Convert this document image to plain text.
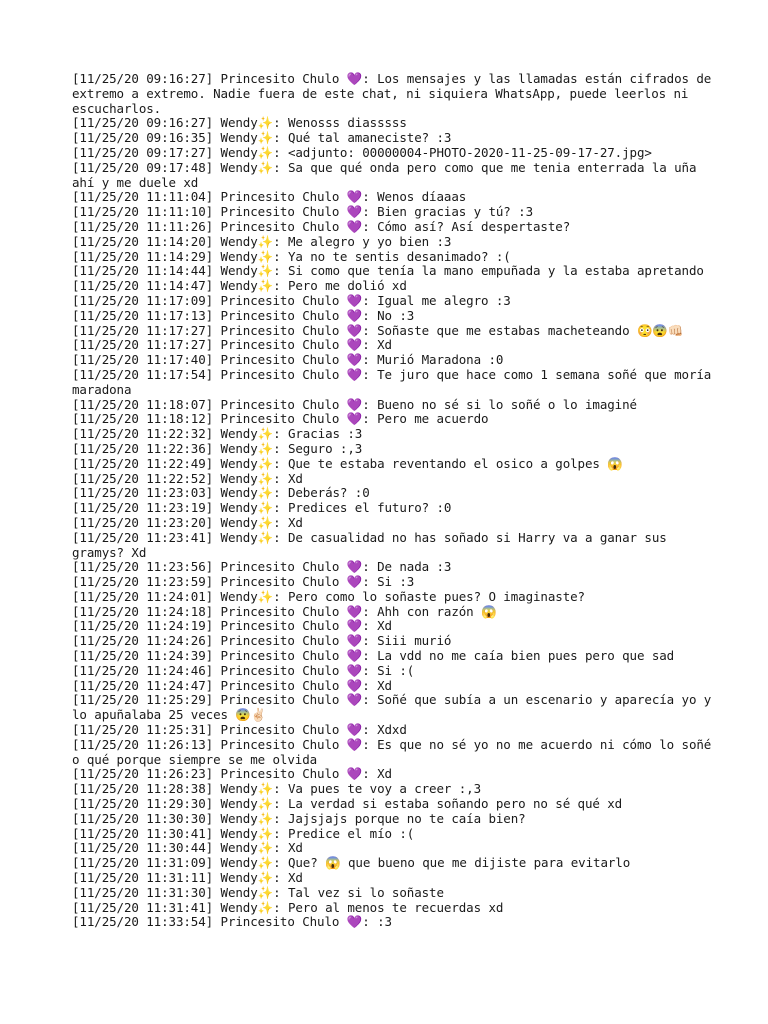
[11/25/20 09:16:27] Princesito Chulo 💜: Los mensajes y las llamadas están cifrados de extremo a extremo. Nadie fuera de este chat, ni siquiera WhatsApp, puede leerlos ni escucharlos.
[11/25/20 09:16:27] Wendy✨: Wenosss diasssss
[11/25/20 09:16:35] Wendy✨: Qué tal amaneciste? :3
[11/25/20 09:17:27] Wendy✨: <adjunto: 00000004-PHOTO-2020-11-25-09-17-27.jpg>
[11/25/20 09:17:48] Wendy✨: Sa que qué onda pero como que me tenia enterrada la uña ahí y me duele xd
[11/25/20 11:11:04] Princesito Chulo 💜: Wenos díaaas
[11/25/20 11:11:10] Princesito Chulo 💜: Bien gracias y tú? :3
[11/25/20 11:11:26] Princesito Chulo 💜: Cómo así? Así despertaste?
[11/25/20 11:14:20] Wendy✨: Me alegro y yo bien :3
[11/25/20 11:14:29] Wendy✨: Ya no te sentis desanimado? :(
[11/25/20 11:14:44] Wendy✨: Si como que tenía la mano empuñada y la estaba apretando
[11/25/20 11:14:47] Wendy✨: Pero me dolió xd
[11/25/20 11:17:09] Princesito Chulo 💜: Igual me alegro :3
[11/25/20 11:17:13] Princesito Chulo 💜: No :3
[11/25/20 11:17:27] Princesito Chulo 💜: Soñaste que me estabas macheteando 😳😨👊🏻
[11/25/20 11:17:27] Princesito Chulo 💜: Xd
[11/25/20 11:17:40] Princesito Chulo 💜: Murió Maradona :0
[11/25/20 11:17:54] Princesito Chulo 💜: Te juro que hace como 1 semana soñé que moría maradona
[11/25/20 11:18:07] Princesito Chulo 💜: Bueno no sé si lo soñé o lo imaginé
[11/25/20 11:18:12] Princesito Chulo 💜: Pero me acuerdo
[11/25/20 11:22:32] Wendy✨: Gracias :3
[11/25/20 11:22:36] Wendy✨: Seguro :,3
[11/25/20 11:22:49] Wendy✨: Que te estaba reventando el osico a golpes 😱
[11/25/20 11:22:52] Wendy✨: Xd
[11/25/20 11:23:03] Wendy✨: Deberás? :0
[11/25/20 11:23:19] Wendy✨: Predices el futuro? :0
[11/25/20 11:23:20] Wendy✨: Xd
[11/25/20 11:23:41] Wendy✨: De casualidad no has soñado si Harry va a ganar sus gramys? Xd
[11/25/20 11:23:56] Princesito Chulo 💜: De nada :3
[11/25/20 11:23:59] Princesito Chulo 💜: Si :3
[11/25/20 11:24:01] Wendy✨: Pero como lo soñaste pues? O imaginaste?
[11/25/20 11:24:18] Princesito Chulo 💜: Ahh con razón 😱
[11/25/20 11:24:19] Princesito Chulo 💜: Xd
[11/25/20 11:24:26] Princesito Chulo 💜: Siii murió
[11/25/20 11:24:39] Princesito Chulo 💜: La vdd no me caía bien pues pero que sad
[11/25/20 11:24:46] Princesito Chulo 💜: Si :(
[11/25/20 11:24:47] Princesito Chulo 💜: Xd
[11/25/20 11:25:29] Princesito Chulo 💜: Soñé que subía a un escenario y aparecía yo y lo apuñalaba 25 veces 😨✌🏻
[11/25/20 11:25:31] Princesito Chulo 💜: Xdxd
[11/25/20 11:26:13] Princesito Chulo 💜: Es que no sé yo no me acuerdo ni cómo lo soñé o qué porque siempre se me olvida
[11/25/20 11:26:23] Princesito Chulo 💜: Xd
[11/25/20 11:28:38] Wendy✨: Va pues te voy a creer :,3
[11/25/20 11:29:30] Wendy✨: La verdad si estaba soñando pero no sé qué xd
[11/25/20 11:30:30] Wendy✨: Jajsjajs porque no te caía bien?
[11/25/20 11:30:41] Wendy✨: Predice el mío :(
[11/25/20 11:30:44] Wendy✨: Xd
[11/25/20 11:31:09] Wendy✨: Que? 😱 que bueno que me dijiste para evitarlo
[11/25/20 11:31:11] Wendy✨: Xd
[11/25/20 11:31:30] Wendy✨: Tal vez si lo soñaste
[11/25/20 11:31:41] Wendy✨: Pero al menos te recuerdas xd
[11/25/20 11:33:54] Princesito Chulo 💜: :3
